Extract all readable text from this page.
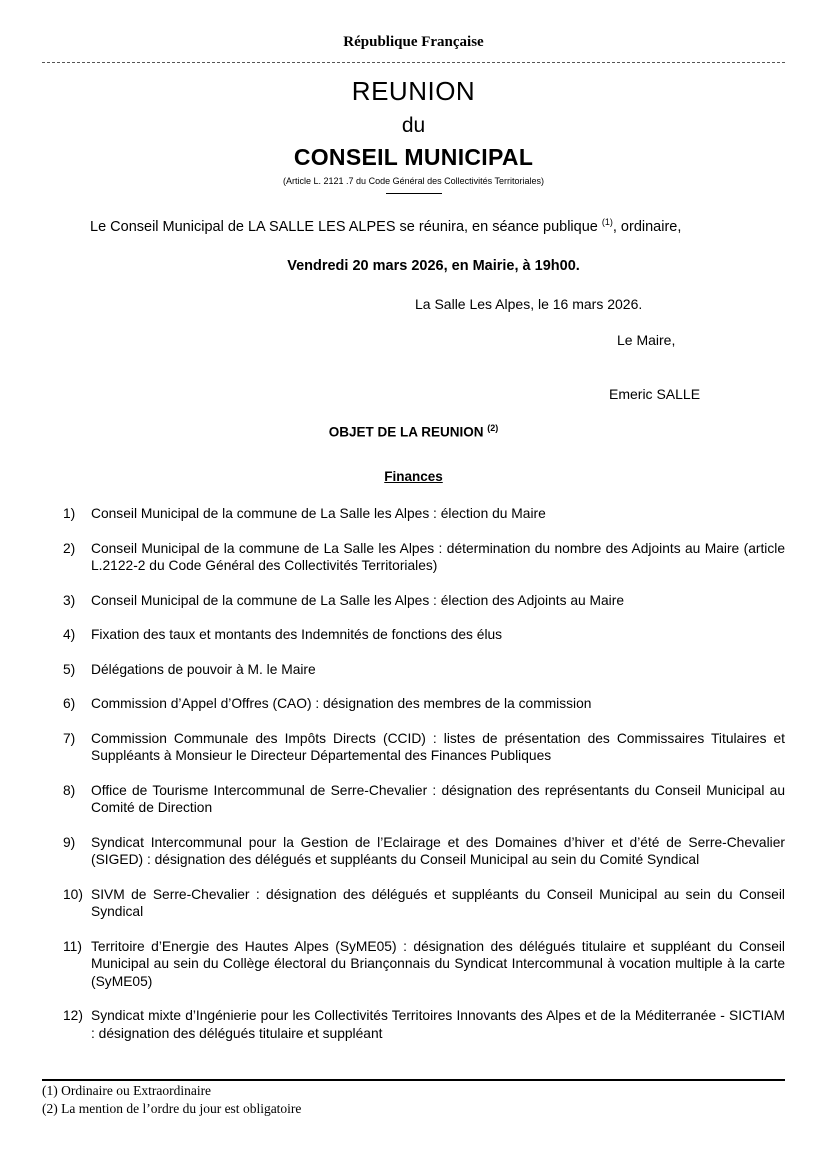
République Française
REUNION
du
CONSEIL MUNICIPAL
(Article L. 2121 .7 du Code Général des Collectivités Territoriales)
Le Conseil Municipal de LA SALLE LES ALPES se réunira, en séance publique $^{(1)}$, ordinaire,
Vendredi 20 mars 2026, en Mairie, à 19h00.
La Salle Les Alpes, le 16 mars 2026.
Le Maire,
Emeric SALLE
OBJET DE LA REUNION $^{(2)}$
Finances
1)	Conseil Municipal de la commune de La Salle les Alpes : élection du Maire
2)	Conseil Municipal de la commune de La Salle les Alpes : détermination du nombre des Adjoints au Maire (article L.2122-2 du Code Général des Collectivités Territoriales)
3)	Conseil Municipal de la commune de La Salle les Alpes : élection des Adjoints au Maire
4)	Fixation des taux et montants des Indemnités de fonctions des élus
5)	Délégations de pouvoir à M. le Maire
6)	Commission d’Appel d’Offres (CAO) : désignation des membres de la commission
7)	Commission Communale des Impôts Directs (CCID) : listes de présentation des Commissaires Titulaires et Suppléants à Monsieur le Directeur Départemental des Finances Publiques
8)	Office de Tourisme Intercommunal de Serre-Chevalier : désignation des représentants du Conseil Municipal au Comité de Direction
9)	Syndicat Intercommunal pour la Gestion de l’Eclairage et des Domaines d’hiver et d’été de Serre-Chevalier (SIGED) : désignation des délégués et suppléants du Conseil Municipal au sein du Comité Syndical
10) SIVM de Serre-Chevalier : désignation des délégués et suppléants du Conseil Municipal au sein du Conseil Syndical
11) Territoire d’Energie des Hautes Alpes (SyME05) : désignation des délégués titulaire et suppléant du Conseil Municipal au sein du Collège électoral du Briançonnais du Syndicat Intercommunal à vocation multiple à la carte (SyME05)
12) Syndicat mixte d’Ingénierie pour les Collectivités Territoires Innovants des Alpes et de la Méditerranée - SICTIAM : désignation des délégués titulaire et suppléant
(1) Ordinaire ou Extraordinaire
(2) La mention de l’ordre du jour est obligatoire
